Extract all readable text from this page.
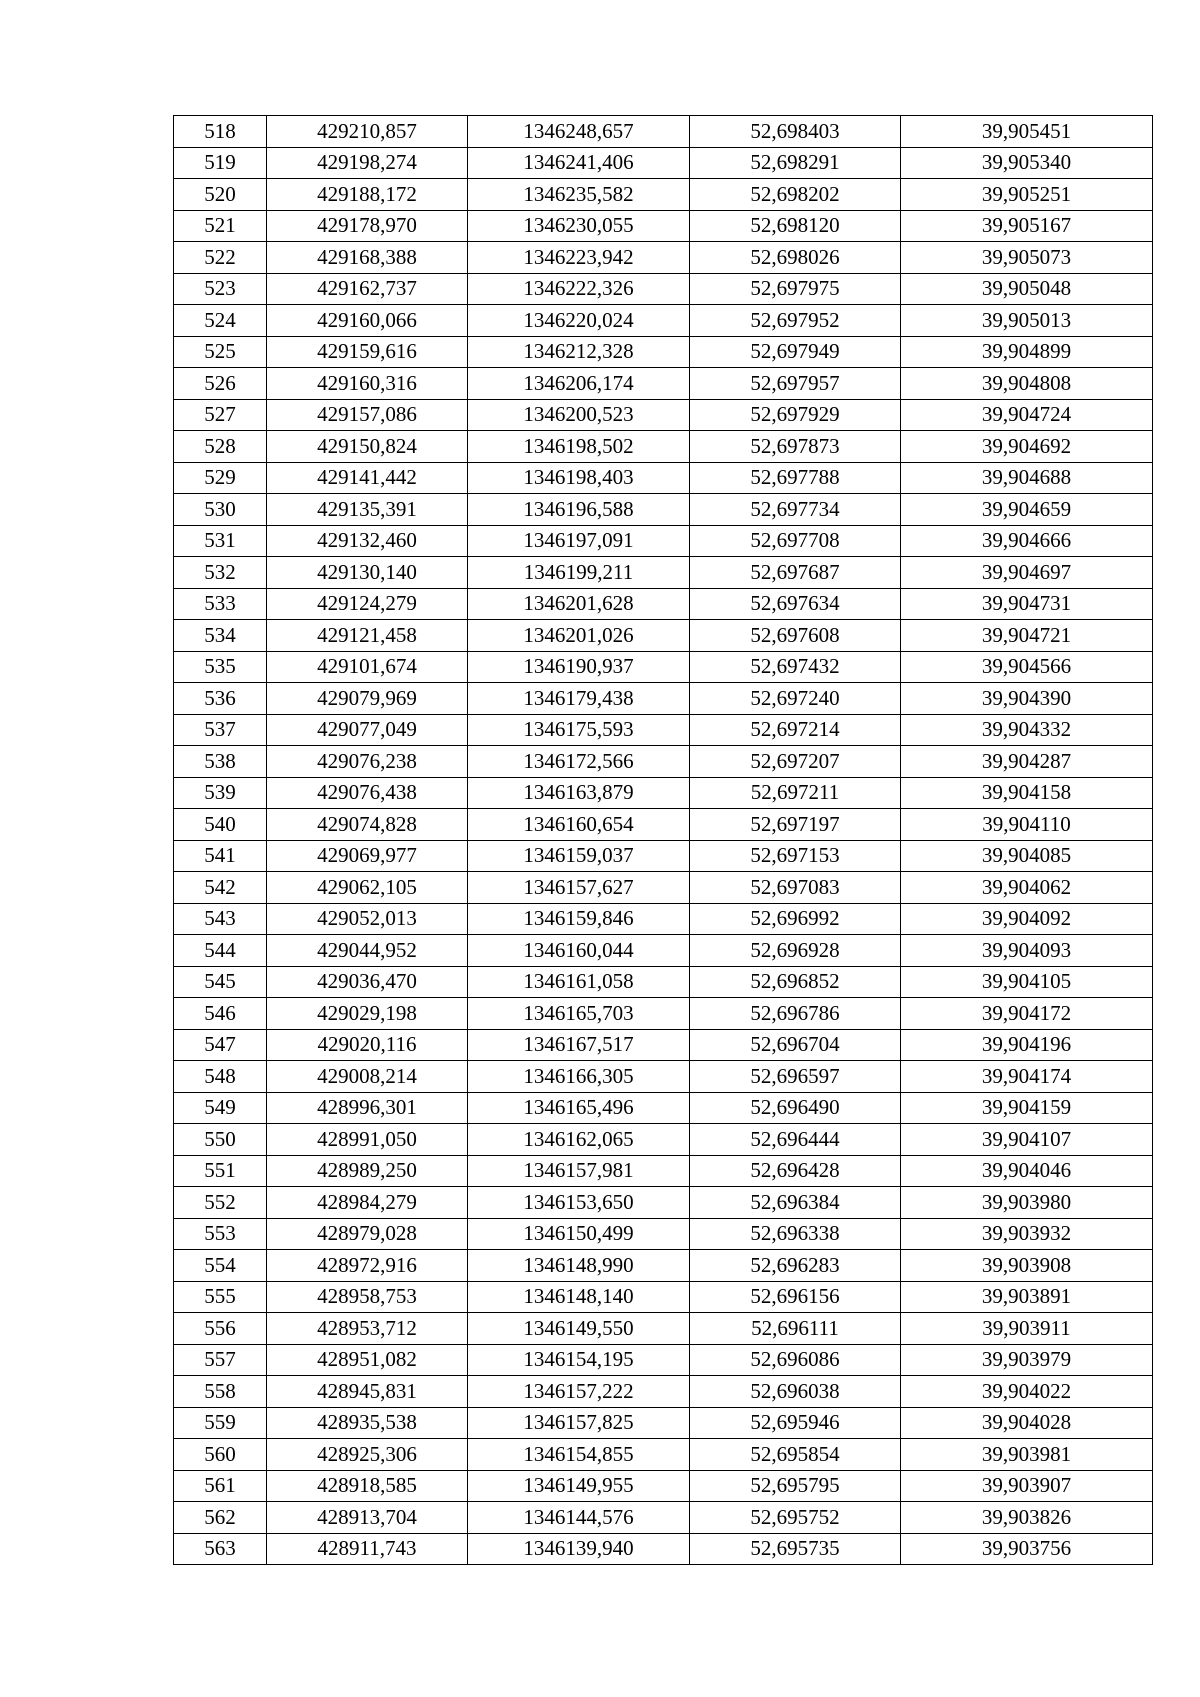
518	429210,857	1346248,657	52,698403	39,905451
519	429198,274	1346241,406	52,698291	39,905340
520	429188,172	1346235,582	52,698202	39,905251
521	429178,970	1346230,055	52,698120	39,905167
522	429168,388	1346223,942	52,698026	39,905073
523	429162,737	1346222,326	52,697975	39,905048
524	429160,066	1346220,024	52,697952	39,905013
525	429159,616	1346212,328	52,697949	39,904899
526	429160,316	1346206,174	52,697957	39,904808
527	429157,086	1346200,523	52,697929	39,904724
528	429150,824	1346198,502	52,697873	39,904692
529	429141,442	1346198,403	52,697788	39,904688
530	429135,391	1346196,588	52,697734	39,904659
531	429132,460	1346197,091	52,697708	39,904666
532	429130,140	1346199,211	52,697687	39,904697
533	429124,279	1346201,628	52,697634	39,904731
534	429121,458	1346201,026	52,697608	39,904721
535	429101,674	1346190,937	52,697432	39,904566
536	429079,969	1346179,438	52,697240	39,904390
537	429077,049	1346175,593	52,697214	39,904332
538	429076,238	1346172,566	52,697207	39,904287
539	429076,438	1346163,879	52,697211	39,904158
540	429074,828	1346160,654	52,697197	39,904110
541	429069,977	1346159,037	52,697153	39,904085
542	429062,105	1346157,627	52,697083	39,904062
543	429052,013	1346159,846	52,696992	39,904092
544	429044,952	1346160,044	52,696928	39,904093
545	429036,470	1346161,058	52,696852	39,904105
546	429029,198	1346165,703	52,696786	39,904172
547	429020,116	1346167,517	52,696704	39,904196
548	429008,214	1346166,305	52,696597	39,904174
549	428996,301	1346165,496	52,696490	39,904159
550	428991,050	1346162,065	52,696444	39,904107
551	428989,250	1346157,981	52,696428	39,904046
552	428984,279	1346153,650	52,696384	39,903980
553	428979,028	1346150,499	52,696338	39,903932
554	428972,916	1346148,990	52,696283	39,903908
555	428958,753	1346148,140	52,696156	39,903891
556	428953,712	1346149,550	52,696111	39,903911
557	428951,082	1346154,195	52,696086	39,903979
558	428945,831	1346157,222	52,696038	39,904022
559	428935,538	1346157,825	52,695946	39,904028
560	428925,306	1346154,855	52,695854	39,903981
561	428918,585	1346149,955	52,695795	39,903907
562	428913,704	1346144,576	52,695752	39,903826
563	428911,743	1346139,940	52,695735	39,903756
